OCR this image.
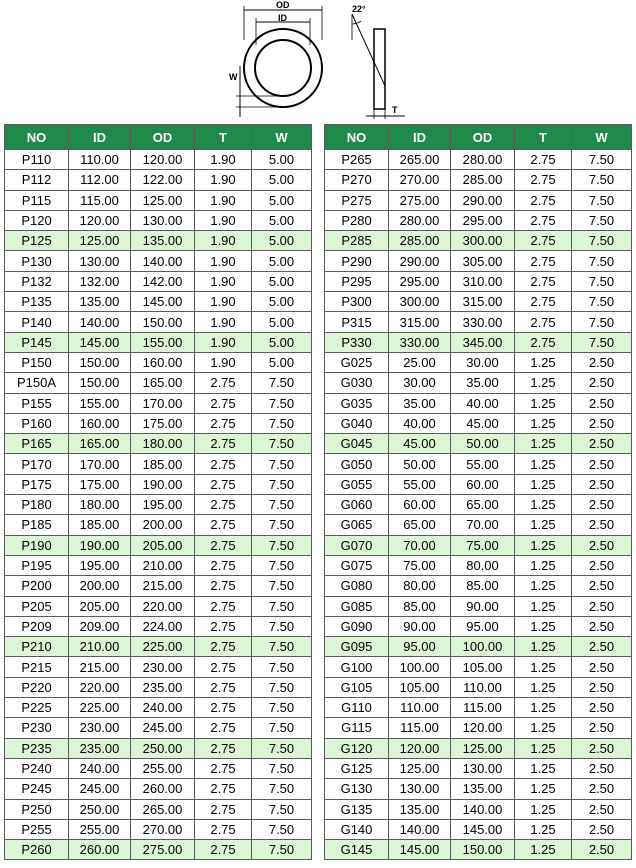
OD
ID
W
22°
T
NO	ID	OD	T	W
P110	110.00	120.00	1.90	5.00
P112	112.00	122.00	1.90	5.00
P115	115.00	125.00	1.90	5.00
P120	120.00	130.00	1.90	5.00
P125	125.00	135.00	1.90	5.00
P130	130.00	140.00	1.90	5.00
P132	132.00	142.00	1.90	5.00
P135	135.00	145.00	1.90	5.00
P140	140.00	150.00	1.90	5.00
P145	145.00	155.00	1.90	5.00
P150	150.00	160.00	1.90	5.00
P150A	150.00	165.00	2.75	7.50
P155	155.00	170.00	2.75	7.50
P160	160.00	175.00	2.75	7.50
P165	165.00	180.00	2.75	7.50
P170	170.00	185.00	2.75	7.50
P175	175.00	190.00	2.75	7.50
P180	180.00	195.00	2.75	7.50
P185	185.00	200.00	2.75	7.50
P190	190.00	205.00	2.75	7.50
P195	195.00	210.00	2.75	7.50
P200	200.00	215.00	2.75	7.50
P205	205.00	220.00	2.75	7.50
P209	209.00	224.00	2.75	7.50
P210	210.00	225.00	2.75	7.50
P215	215.00	230.00	2.75	7.50
P220	220.00	235.00	2.75	7.50
P225	225.00	240.00	2.75	7.50
P230	230.00	245.00	2.75	7.50
P235	235.00	250.00	2.75	7.50
P240	240.00	255.00	2.75	7.50
P245	245.00	260.00	2.75	7.50
P250	250.00	265.00	2.75	7.50
P255	255.00	270.00	2.75	7.50
P260	260.00	275.00	2.75	7.50
NO	ID	OD	T	W
P265	265.00	280.00	2.75	7.50
P270	270.00	285.00	2.75	7.50
P275	275.00	290.00	2.75	7.50
P280	280.00	295.00	2.75	7.50
P285	285.00	300.00	2.75	7.50
P290	290.00	305.00	2.75	7.50
P295	295.00	310.00	2.75	7.50
P300	300.00	315.00	2.75	7.50
P315	315.00	330.00	2.75	7.50
P330	330.00	345.00	2.75	7.50
G025	25.00	30.00	1.25	2.50
G030	30.00	35.00	1.25	2.50
G035	35.00	40.00	1.25	2.50
G040	40.00	45.00	1.25	2.50
G045	45.00	50.00	1.25	2.50
G050	50.00	55.00	1.25	2.50
G055	55.00	60.00	1.25	2.50
G060	60.00	65.00	1.25	2.50
G065	65.00	70.00	1.25	2.50
G070	70.00	75.00	1.25	2.50
G075	75.00	80.00	1.25	2.50
G080	80.00	85.00	1.25	2.50
G085	85.00	90.00	1.25	2.50
G090	90.00	95.00	1.25	2.50
G095	95.00	100.00	1.25	2.50
G100	100.00	105.00	1.25	2.50
G105	105.00	110.00	1.25	2.50
G110	110.00	115.00	1.25	2.50
G115	115.00	120.00	1.25	2.50
G120	120.00	125.00	1.25	2.50
G125	125.00	130.00	1.25	2.50
G130	130.00	135.00	1.25	2.50
G135	135.00	140.00	1.25	2.50
G140	140.00	145.00	1.25	2.50
G145	145.00	150.00	1.25	2.50
